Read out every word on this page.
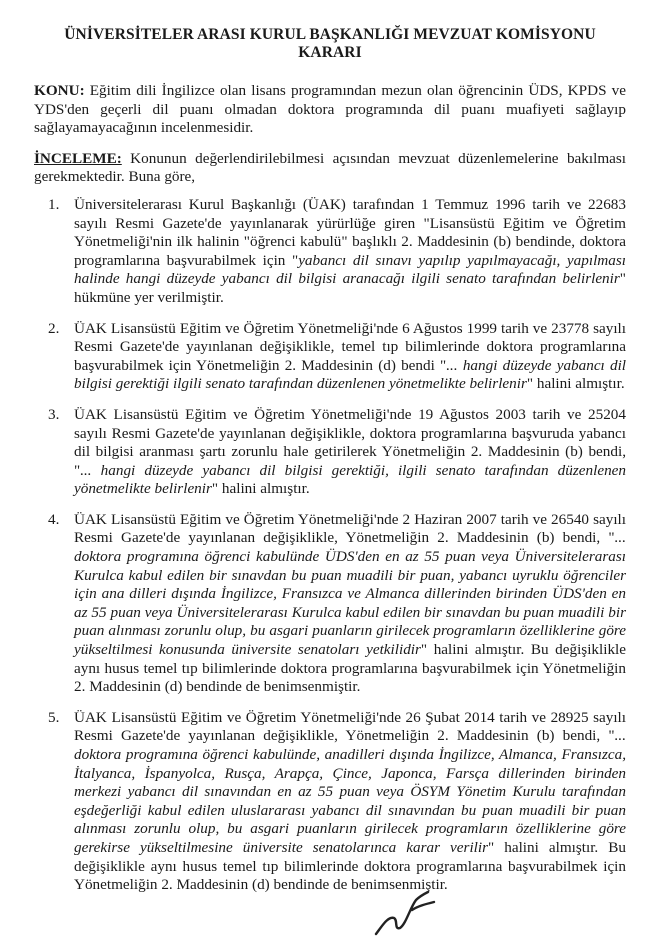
ÜNİVERSİTELER ARASI KURUL BAŞKANLIĞI MEVZUAT KOMİSYONU KARARI

KONU: Eğitim dili İngilizce olan lisans programından mezun olan öğrencinin ÜDS, KPDS ve YDS'den geçerli dil puanı olmadan doktora programında dil puanı muafiyeti sağlayıp sağlayamayacağının incelenmesidir.

İNCELEME: Konunun değerlendirilebilmesi açısından mevzuat düzenlemelerine bakılması gerekmektedir. Buna göre,

1. Üniversitelerarası Kurul Başkanlığı (ÜAK) tarafından 1 Temmuz 1996 tarih ve 22683 sayılı Resmi Gazete'de yayınlanarak yürürlüğe giren "Lisansüstü Eğitim ve Öğretim Yönetmeliği'nin ilk halinin "öğrenci kabulü" başlıklı 2. Maddesinin (b) bendinde, doktora programlarına başvurabilmek için "yabancı dil sınavı yapılıp yapılmayacağı, yapılması halinde hangi düzeyde yabancı dil bilgisi aranacağı ilgili senato tarafından belirlenir" hükmüne yer verilmiştir.
2. ÜAK Lisansüstü Eğitim ve Öğretim Yönetmeliği'nde 6 Ağustos 1999 tarih ve 23778 sayılı Resmi Gazete'de yayınlanan değişiklikle, temel tıp bilimlerinde doktora programlarına başvurabilmek için Yönetmeliğin 2. Maddesinin (d) bendi "... hangi düzeyde yabancı dil bilgisi gerektiği ilgili senato tarafından düzenlenen yönetmelikte belirlenir" halini almıştır.
3. ÜAK Lisansüstü Eğitim ve Öğretim Yönetmeliği'nde 19 Ağustos 2003 tarih ve 25204 sayılı Resmi Gazete'de yayınlanan değişiklikle, doktora programlarına başvuruda yabancı dil bilgisi aranması şartı zorunlu hale getirilerek Yönetmeliğin 2. Maddesinin (b) bendi, "... hangi düzeyde yabancı dil bilgisi gerektiği, ilgili senato tarafından düzenlenen yönetmelikte belirlenir" halini almıştır.
4. ÜAK Lisansüstü Eğitim ve Öğretim Yönetmeliği'nde 2 Haziran 2007 tarih ve 26540 sayılı Resmi Gazete'de yayınlanan değişiklikle, Yönetmeliğin 2. Maddesinin (b) bendi, "... doktora programına öğrenci kabulünde ÜDS'den en az 55 puan veya Üniversitelerarası Kurulca kabul edilen bir sınavdan bu puan muadili bir puan, yabancı uyruklu öğrenciler için ana dilleri dışında İngilizce, Fransızca ve Almanca dillerinden birinden ÜDS'den en az 55 puan veya Üniversitelerarası Kurulca kabul edilen bir sınavdan bu puan muadili bir puan alınması zorunlu olup, bu asgari puanların girilecek programların özelliklerine göre yükseltilmesi konusunda üniversite senatoları yetkilidir" halini almıştır. Bu değişiklikle aynı husus temel tıp bilimlerinde doktora programlarına başvurabilmek için Yönetmeliğin 2. Maddesinin (d) bendinde de benimsenmiştir.
5. ÜAK Lisansüstü Eğitim ve Öğretim Yönetmeliği'nde 26 Şubat 2014 tarih ve 28925 sayılı Resmi Gazete'de yayınlanan değişiklikle, Yönetmeliğin 2. Maddesinin (b) bendi, "... doktora programına öğrenci kabulünde, anadilleri dışında İngilizce, Almanca, Fransızca, İtalyanca, İspanyolca, Rusça, Arapça, Çince, Japonca, Farsça dillerinden birinden merkezi yabancı dil sınavından en az 55 puan veya ÖSYM Yönetim Kurulu tarafından eşdeğerliği kabul edilen uluslararası yabancı dil sınavından bu puan muadili bir puan alınması zorunlu olup, bu asgari puanların girilecek programların özelliklerine göre gerekirse yükseltilmesine üniversite senatolarınca karar verilir" halini almıştır. Bu değişiklikle aynı husus temel tıp bilimlerinde doktora programlarına başvurabilmek için Yönetmeliğin 2. Maddesinin (d) bendinde de benimsenmiştir.
